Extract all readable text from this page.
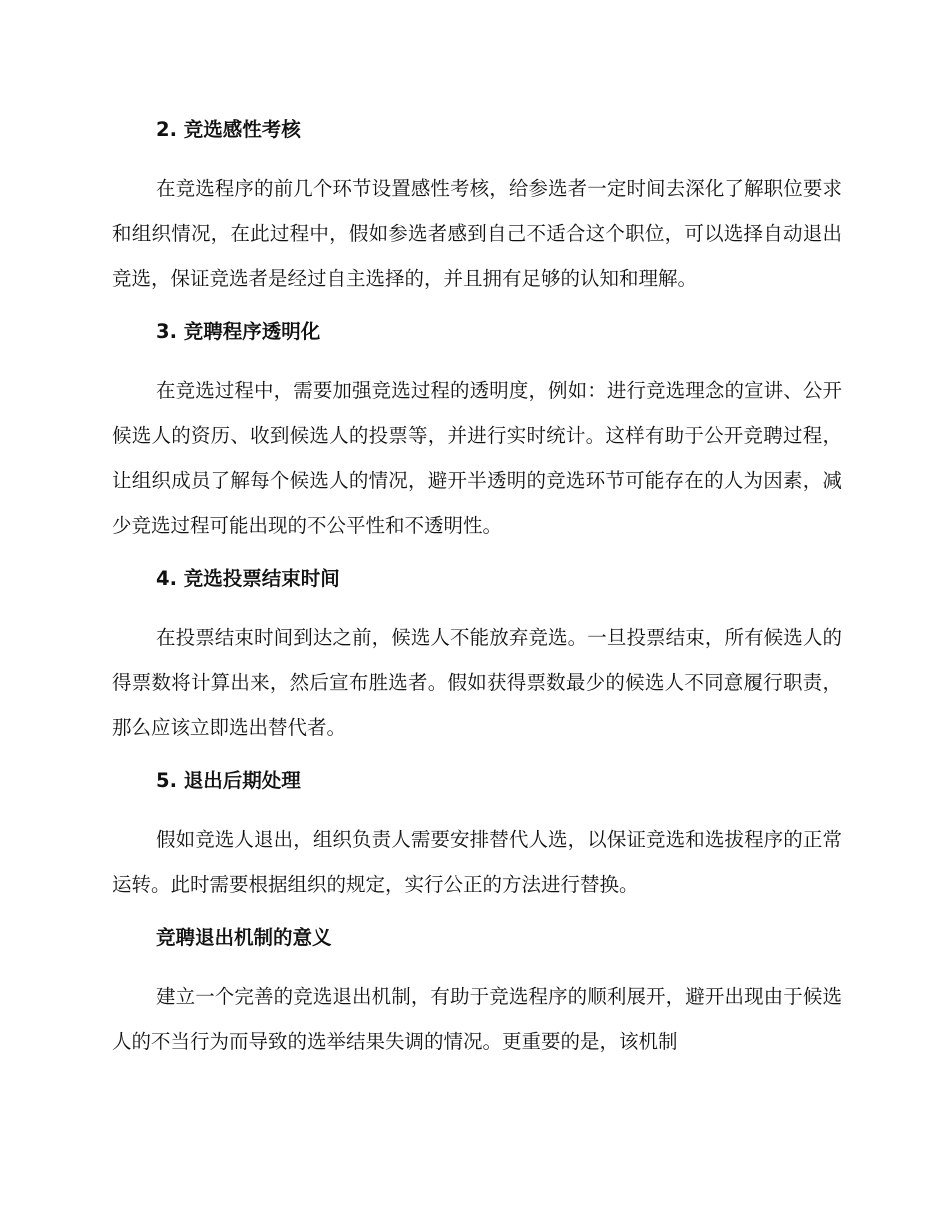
2. 竞选感性考核

在竞选程序的前几个环节设置感性考核，给参选者一定时间去深化了解职位要求和组织情况，在此过程中，假如参选者感到自己不适合这个职位，可以选择自动退出竞选，保证竞选者是经过自主选择的，并且拥有足够的认知和理解。

3. 竞聘程序透明化

在竞选过程中，需要加强竞选过程的透明度，例如：进行竞选理念的宣讲、公开候选人的资历、收到候选人的投票等，并进行实时统计。这样有助于公开竞聘过程，让组织成员了解每个候选人的情况，避开半透明的竞选环节可能存在的人为因素，减少竞选过程可能出现的不公平性和不透明性。

4. 竞选投票结束时间

在投票结束时间到达之前，候选人不能放弃竞选。一旦投票结束，所有候选人的得票数将计算出来，然后宣布胜选者。假如获得票数最少的候选人不同意履行职责，那么应该立即选出替代者。

5. 退出后期处理

假如竞选人退出，组织负责人需要安排替代人选，以保证竞选和选拔程序的正常运转。此时需要根据组织的规定，实行公正的方法进行替换。

竞聘退出机制的意义

建立一个完善的竞选退出机制，有助于竞选程序的顺利展开，避开出现由于候选人的不当行为而导致的选举结果失调的情况。更重要的是，该机制
